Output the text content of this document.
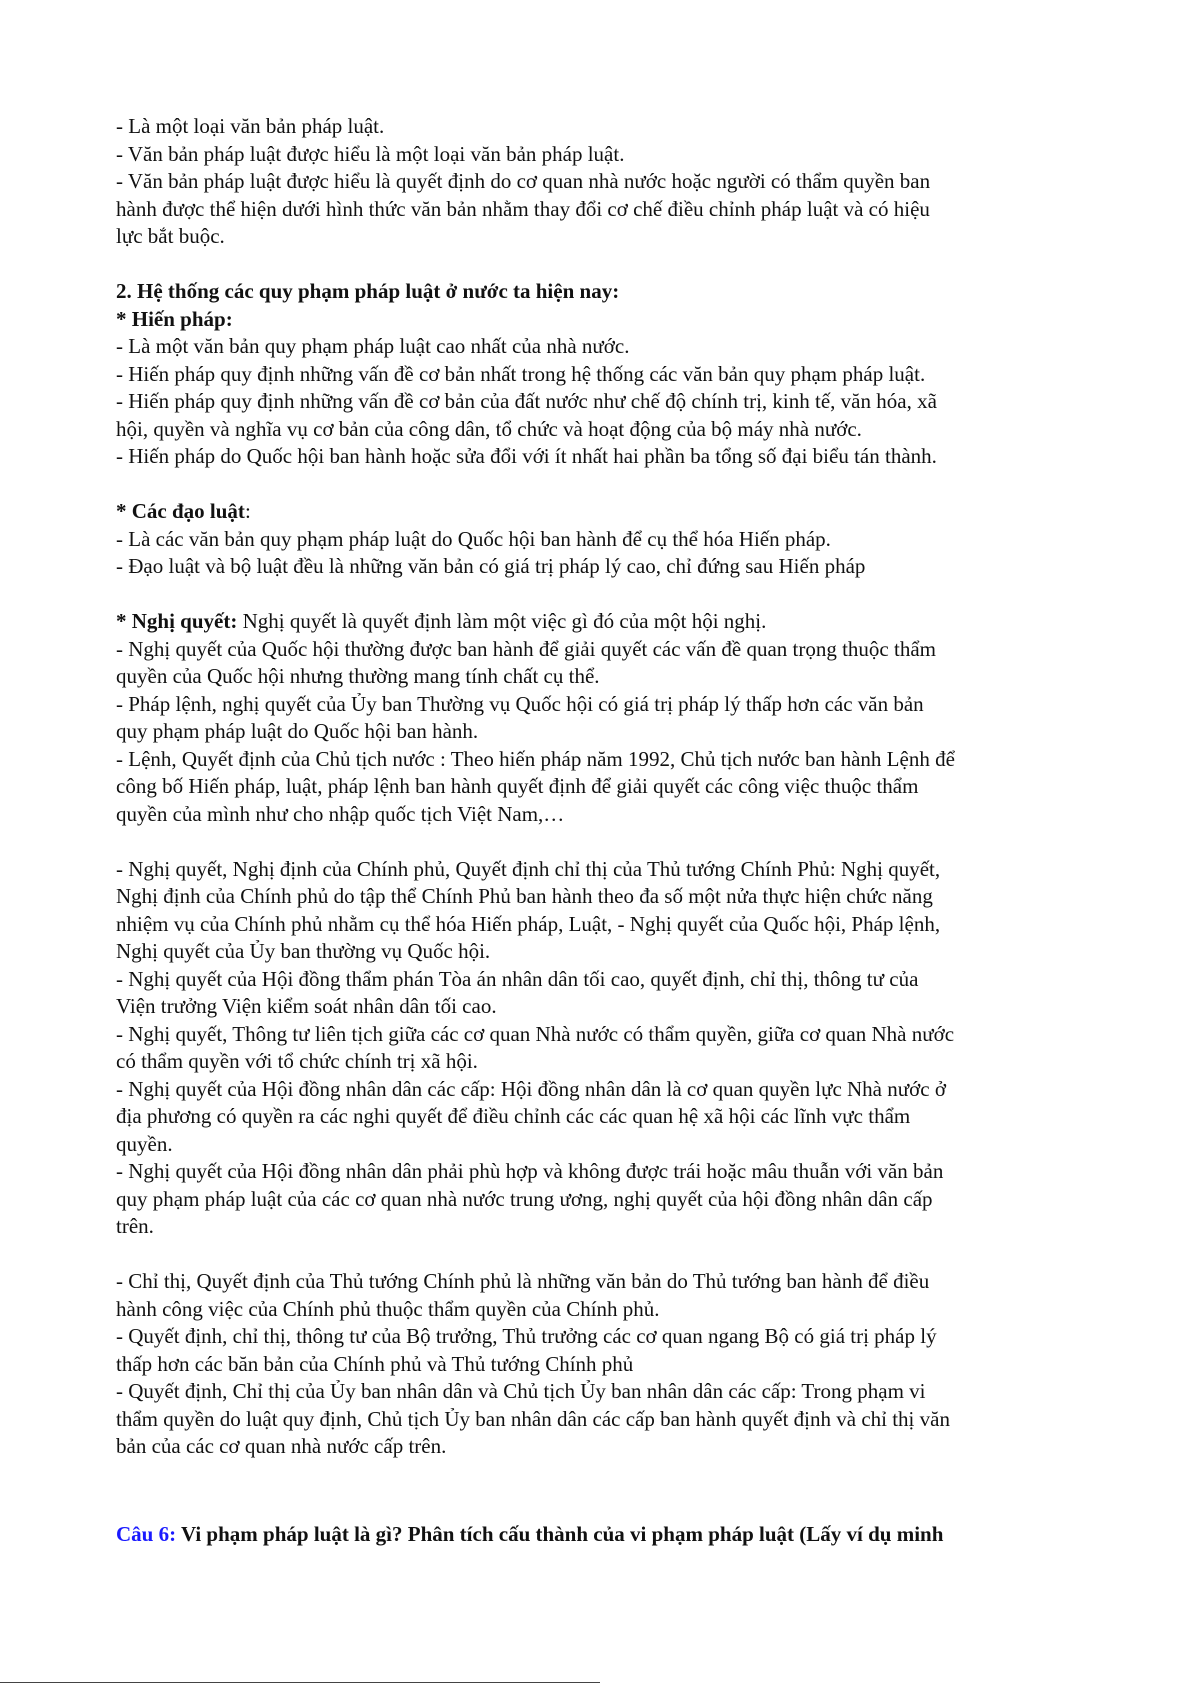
- Là một loại văn bản pháp luật.
- Văn bản pháp luật được hiểu là một loại văn bản pháp luật.
- Văn bản pháp luật được hiểu là quyết định do cơ quan nhà nước hoặc người có thẩm quyền ban
hành được thể hiện dưới hình thức văn bản nhằm thay đổi cơ chế điều chỉnh pháp luật và có hiệu
lực bắt buộc.
2. Hệ thống các quy phạm pháp luật ở nước ta hiện nay:
* Hiến pháp:
- Là một văn bản quy phạm pháp luật cao nhất của nhà nước.
- Hiến pháp quy định những vấn đề cơ bản nhất trong hệ thống các văn bản quy phạm pháp luật.
- Hiến pháp quy định những vấn đề cơ bản của đất nước như chế độ chính trị, kinh tế, văn hóa, xã
hội, quyền và nghĩa vụ cơ bản của công dân, tổ chức và hoạt động của bộ máy nhà nước.
- Hiến pháp do Quốc hội ban hành hoặc sửa đổi với ít nhất hai phần ba tổng số đại biểu tán thành.
* Các đạo luật:
- Là các văn bản quy phạm pháp luật do Quốc hội ban hành để cụ thể hóa Hiến pháp.
- Đạo luật và bộ luật đều là những văn bản có giá trị pháp lý cao, chỉ đứng sau Hiến pháp
* Nghị quyết: Nghị quyết là quyết định làm một việc gì đó của một hội nghị.
- Nghị quyết của Quốc hội thường được ban hành để giải quyết các vấn đề quan trọng thuộc thẩm
quyền của Quốc hội nhưng thường mang tính chất cụ thể.
- Pháp lệnh, nghị quyết của Ủy ban Thường vụ Quốc hội có giá trị pháp lý thấp hơn các văn bản
quy phạm pháp luật do Quốc hội ban hành.
- Lệnh, Quyết định của Chủ tịch nước : Theo hiến pháp năm 1992, Chủ tịch nước ban hành Lệnh để
công bố Hiến pháp, luật, pháp lệnh ban hành quyết định để giải quyết các công việc thuộc thẩm
quyền của mình như cho nhập quốc tịch Việt Nam,…
- Nghị quyết, Nghị định của Chính phủ, Quyết định chỉ thị của Thủ tướng Chính Phủ: Nghị quyết,
Nghị định của Chính phủ do tập thể Chính Phủ ban hành theo đa số một nửa thực hiện chức năng
nhiệm vụ của Chính phủ nhằm cụ thể hóa Hiến pháp, Luật, - Nghị quyết của Quốc hội, Pháp lệnh,
Nghị quyết của Ủy ban thường vụ Quốc hội.
- Nghị quyết của Hội đồng thẩm phán Tòa án nhân dân tối cao, quyết định, chỉ thị, thông tư của
Viện trưởng Viện kiểm soát nhân dân tối cao.
- Nghị quyết, Thông tư liên tịch giữa các cơ quan Nhà nước có thẩm quyền, giữa cơ quan Nhà nước
có thẩm quyền với tổ chức chính trị xã hội.
- Nghị quyết của Hội đồng nhân dân các cấp: Hội đồng nhân dân là cơ quan quyền lực Nhà nước ở
địa phương có quyền ra các nghi quyết để điều chỉnh các các quan hệ xã hội các lĩnh vực thẩm
quyền.
- Nghị quyết của Hội đồng nhân dân phải phù hợp và không được trái hoặc mâu thuẫn với văn bản
quy phạm pháp luật của các cơ quan nhà nước trung ương, nghị quyết của hội đồng nhân dân cấp
trên.
- Chỉ thị, Quyết định của Thủ tướng Chính phủ là những văn bản do Thủ tướng ban hành để điều
hành công việc của Chính phủ thuộc thẩm quyền của Chính phủ.
- Quyết định, chỉ thị, thông tư của Bộ trưởng, Thủ trưởng các cơ quan ngang Bộ có giá trị pháp lý
thấp hơn các băn bản của Chính phủ và Thủ tướng Chính phủ
- Quyết định, Chỉ thị của Ủy ban nhân dân và Chủ tịch Ủy ban nhân dân các cấp: Trong phạm vi
thẩm quyền do luật quy định, Chủ tịch Ủy ban nhân dân các cấp ban hành quyết định và chỉ thị văn
bản của các cơ quan nhà nước cấp trên.
Câu 6: Vi phạm pháp luật là gì? Phân tích cấu thành của vi phạm pháp luật (Lấy ví dụ minh
